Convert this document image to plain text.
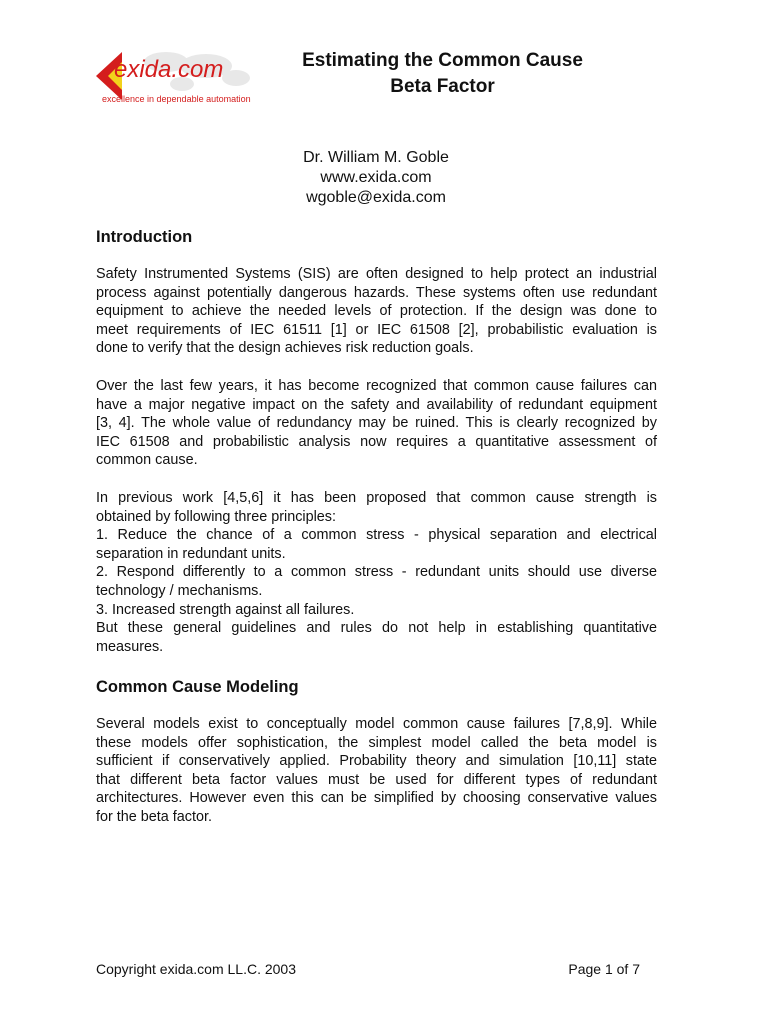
exida.com
excellence in dependable automation
Estimating the Common Cause
Beta Factor
Dr. William M. Goble
www.exida.com
wgoble@exida.com
Introduction
Safety Instrumented Systems (SIS) are often designed to help protect an industrial
process against potentially dangerous hazards. These systems often use redundant
equipment to achieve the needed levels of protection. If the design was done to
meet requirements of IEC 61511 [1] or IEC 61508 [2], probabilistic evaluation is
done to verify that the design achieves risk reduction goals.
Over the last few years, it has become recognized that common cause failures can
have a major negative impact on the safety and availability of redundant equipment
[3, 4]. The whole value of redundancy may be ruined. This is clearly recognized by
IEC 61508 and probabilistic analysis now requires a quantitative assessment of
common cause.
In previous work [4,5,6] it has been proposed that common cause strength is
obtained by following three principles:
1. Reduce the chance of a common stress - physical separation and electrical
separation in redundant units.
2. Respond differently to a common stress - redundant units should use diverse
technology / mechanisms.
3. Increased strength against all failures.
But these general guidelines and rules do not help in establishing quantitative
measures.
Common Cause Modeling
Several models exist to conceptually model common cause failures [7,8,9]. While
these models offer sophistication, the simplest model called the beta model is
sufficient if conservatively applied. Probability theory and simulation [10,11] state
that different beta factor values must be used for different types of redundant
architectures. However even this can be simplified by choosing conservative values
for the beta factor.
Copyright exida.com LL.C. 2003	Page 1 of 7
